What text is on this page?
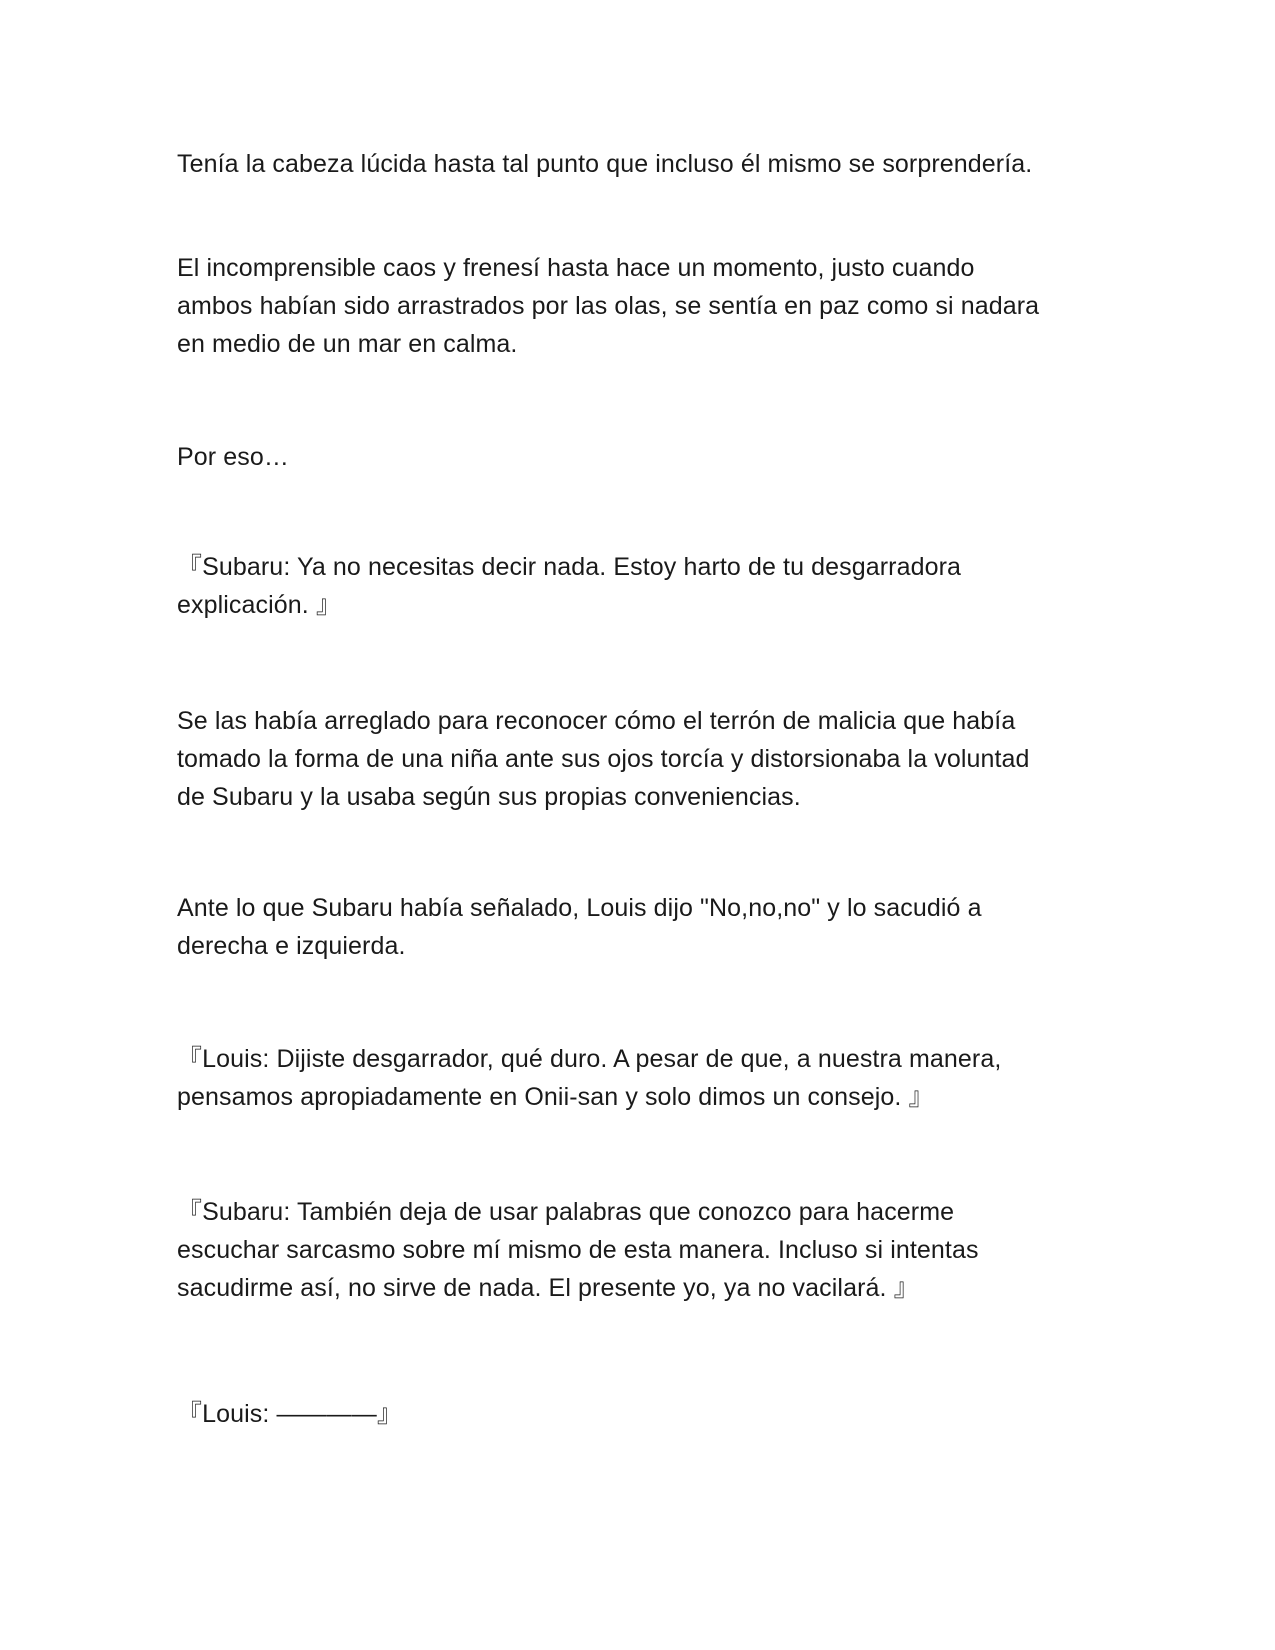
Tenía la cabeza lúcida hasta tal punto que incluso él mismo se sorprendería.

El incomprensible caos y frenesí hasta hace un momento, justo cuando
ambos habían sido arrastrados por las olas, se sentía en paz como si nadara
en medio de un mar en calma.

Por eso…

『Subaru: Ya no necesitas decir nada. Estoy harto de tu desgarradora
explicación. 』

Se las había arreglado para reconocer cómo el terrón de malicia que había
tomado la forma de una niña ante sus ojos torcía y distorsionaba la voluntad
de Subaru y la usaba según sus propias conveniencias.

Ante lo que Subaru había señalado, Louis dijo "No,no,no" y lo sacudió a
derecha e izquierda.

『Louis: Dijiste desgarrador, qué duro. A pesar de que, a nuestra manera,
pensamos apropiadamente en Onii-san y solo dimos un consejo. 』

『Subaru: También deja de usar palabras que conozco para hacerme
escuchar sarcasmo sobre mí mismo de esta manera. Incluso si intentas
sacudirme así, no sirve de nada. El presente yo, ya no vacilará. 』

『Louis: ————』
